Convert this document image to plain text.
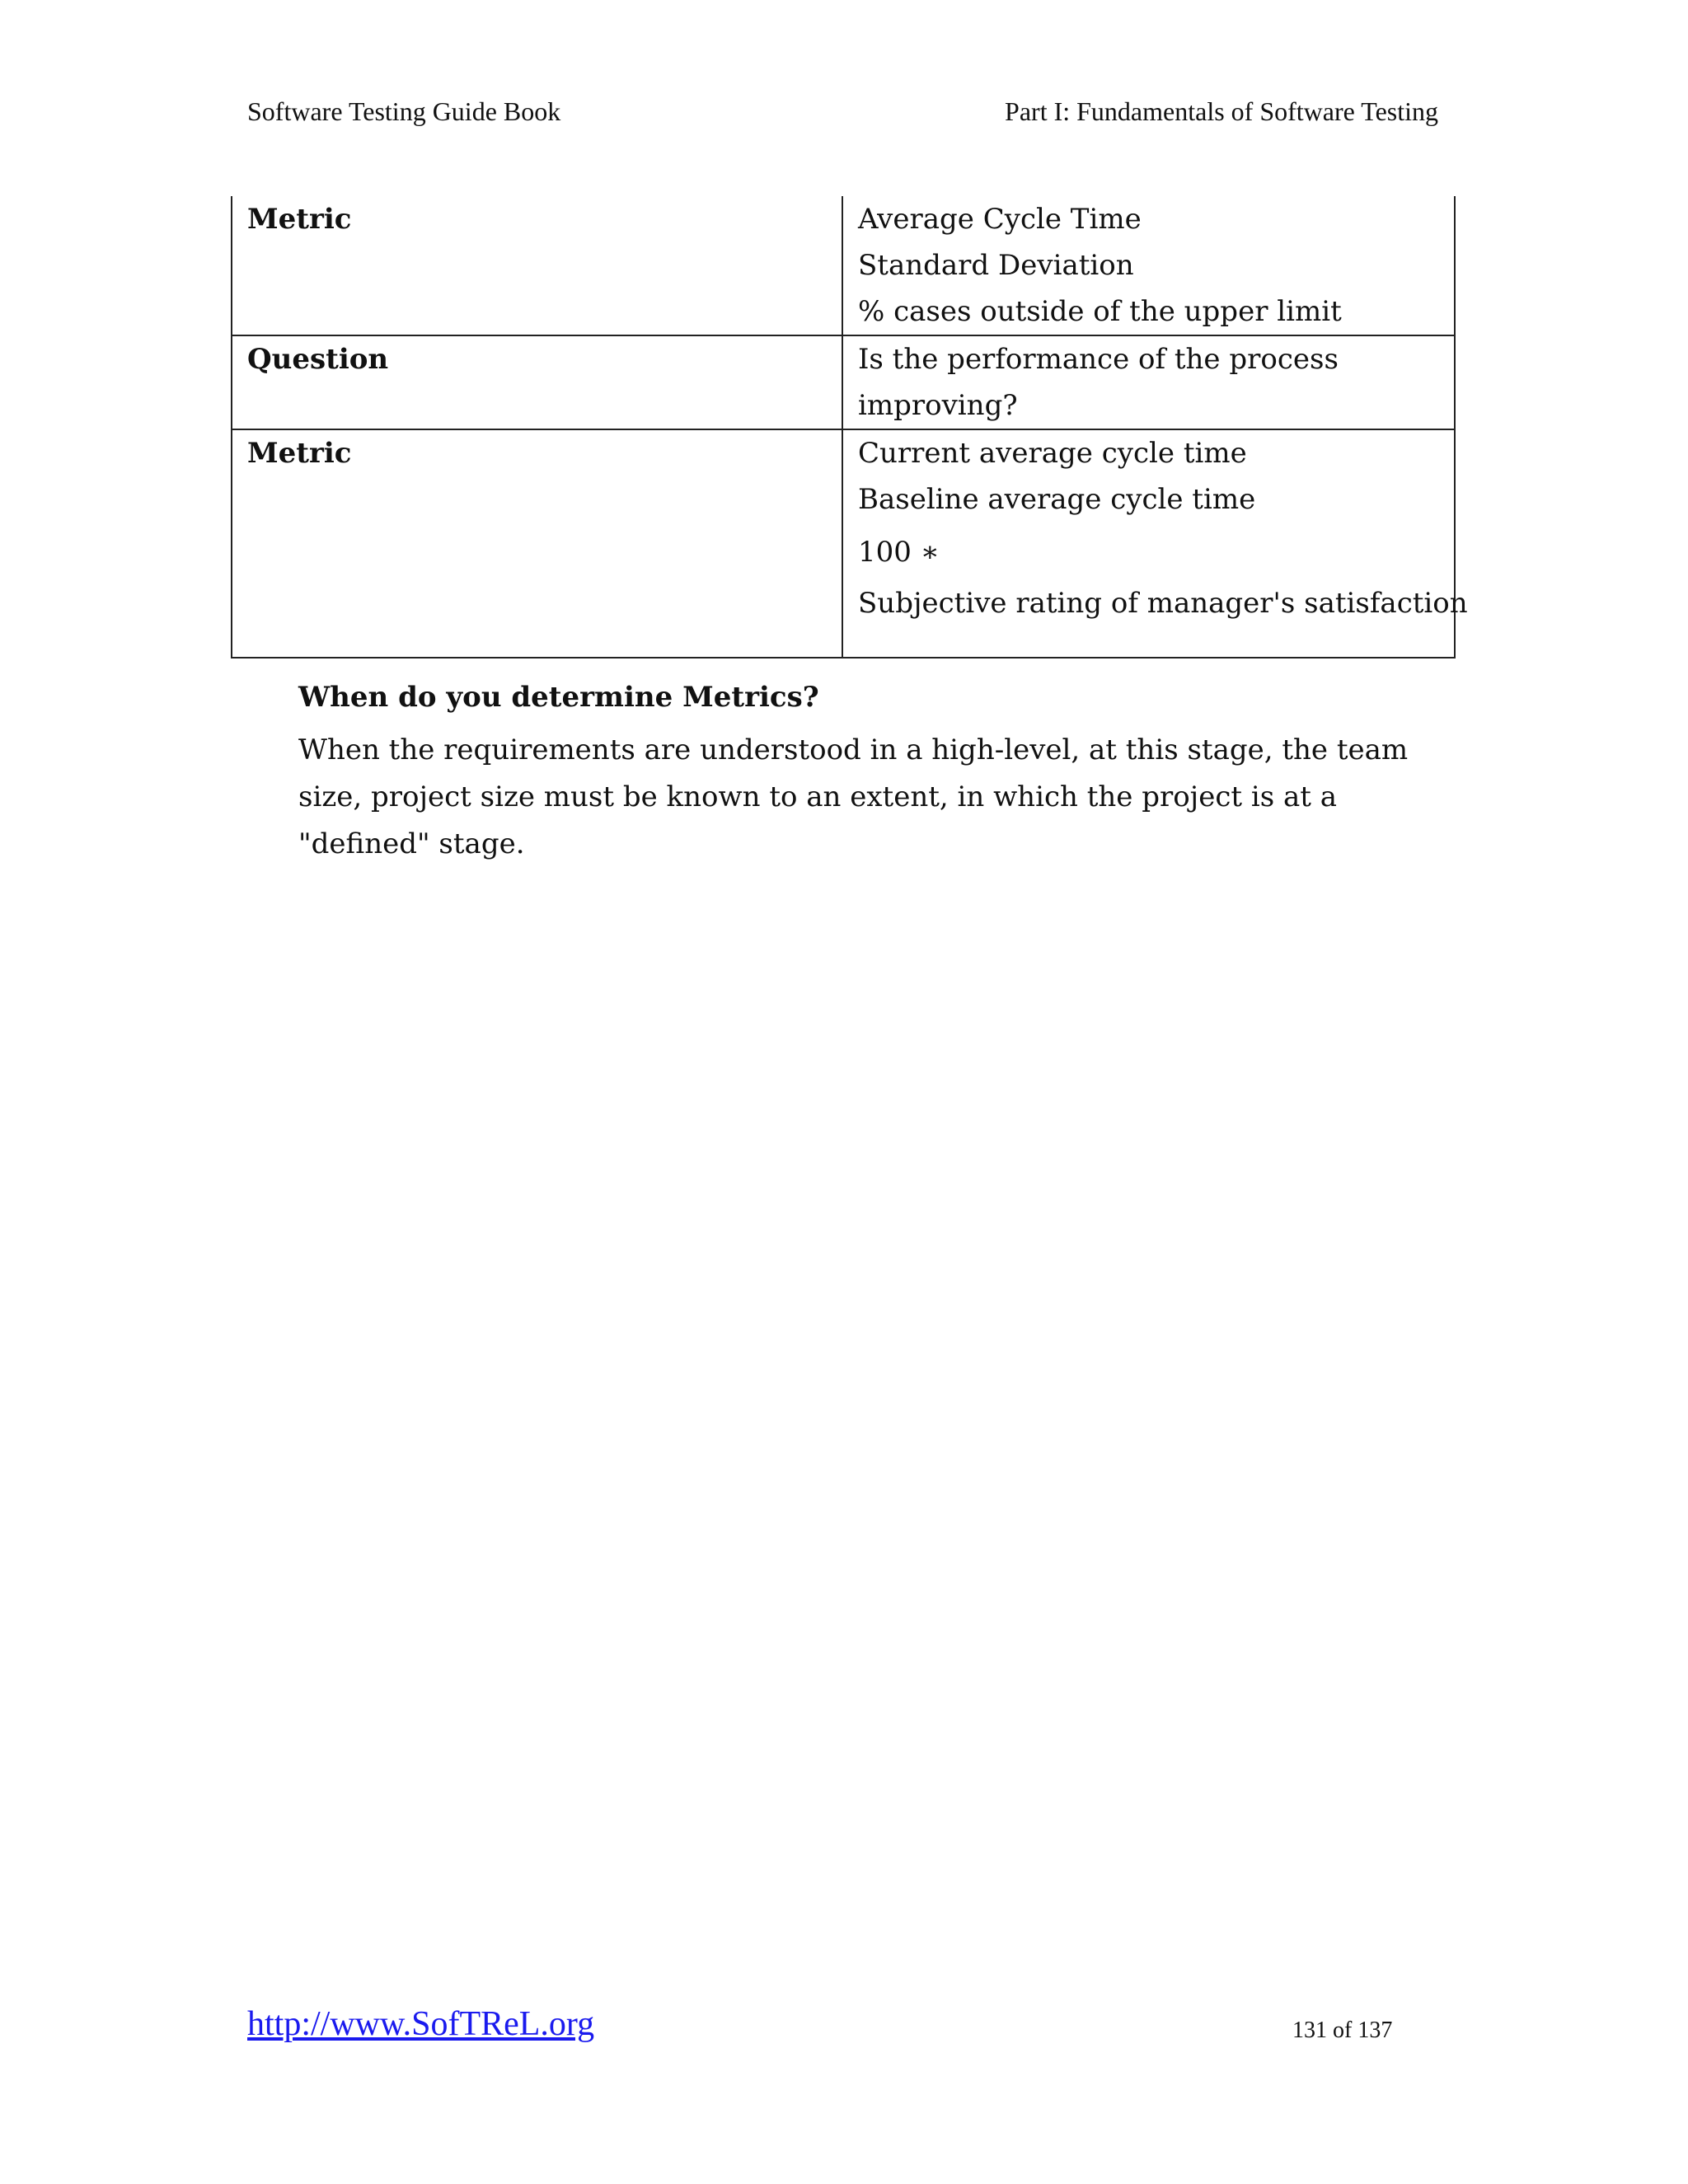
Software Testing Guide Book	Part I: Fundamentals of Software Testing
Metric	Average Cycle Time
Standard Deviation
% cases outside of the upper limit

Question	Is the performance of the process improving?

Metric	Current average cycle time
Baseline average cycle time
100 ∗
Subjective rating of manager's satisfaction
When do you determine Metrics?
When the requirements are understood in a high-level, at this stage, the team size, project size must be known to an extent, in which the project is at a "defined" stage.
http://www.SofTReL.org	131 of 137
